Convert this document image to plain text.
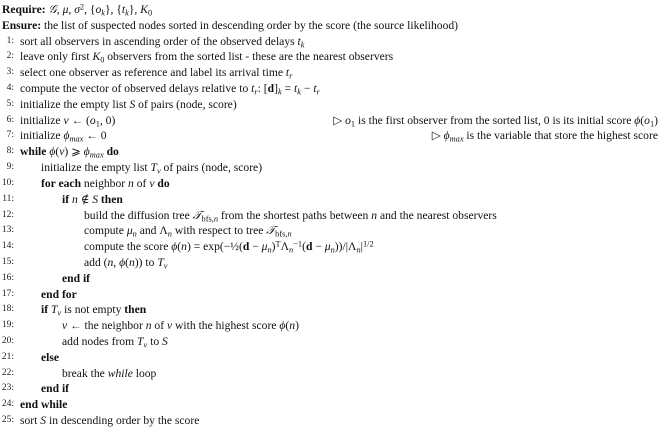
Require: 𝒢, μ, $\sigma^2$, $\{o_k\}$, $\{t_k\}$, $K_0$
Ensure: the list of suspected nodes sorted in descending order by the score (the source likelihood)
1: sort all observers in ascending order of the observed delays $t_k$
2: leave only first $K_0$ observers from the sorted list - these are the nearest observers
3: select one observer as reference and label its arrival time $t_r$
4: compute the vector of observed delays relative to $t_r$: $[d]_k = t_k - t_r$
5: initialize the empty list S of pairs (node, score)
6: initialize v ← ($o_1$, 0)	▷ $o_1$ is the first observer from the sorted list, 0 is its initial score $\phi(o_1)$
7: initialize $\phi_{max}$ ← 0	▷ $\phi_{max}$ is the variable that store the highest score
8: while ϕ(v) ⩾ $\phi_{max}$ do
9: initialize the empty list $T_v$ of pairs (node, score)
10: for each neighbor n of v do
11:	if n ∉ S then
12:	build the diffusion tree 𝒯$_{bfs,n}$ from the shortest paths between n and the nearest observers
13:	compute $\mu_n$ and $\Lambda_n$ with respect to tree 𝒯$_{bfs,n}$
14:	compute the score ϕ(n) = exp(−½(d − $\mu_n)^T\Lambda_n^{-1}(d - \mu_n))/|\Lambda_n|^{1/2}$
15:	add (n, ϕ(n)) to $T_v$
16:	end if
17: end for
18: if $T_v$ is not empty then
19:	v ← the neighbor n of v with the highest score ϕ(n)
20:	add nodes from $T_v$ to S
21: else
22:	break the while loop
23: end if
24: end while
25: sort S in descending order by the score
